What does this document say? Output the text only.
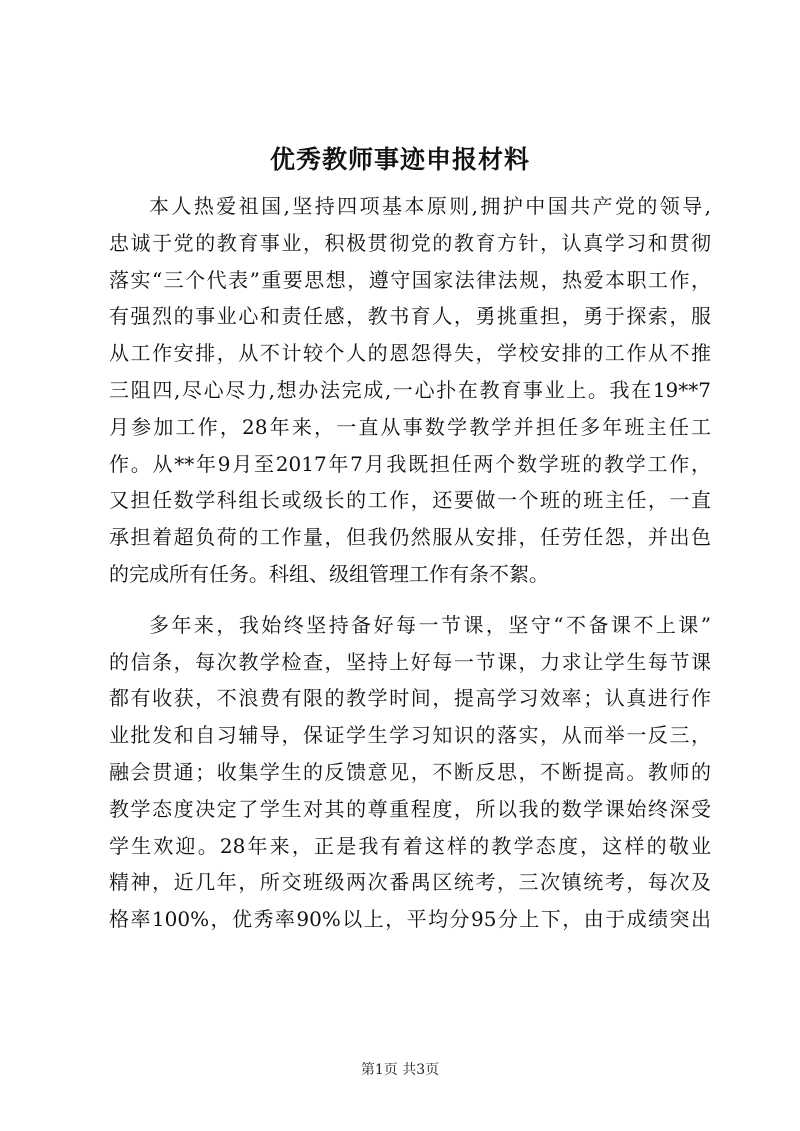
优秀教师事迹申报材料
本人热爱祖国,坚持四项基本原则,拥护中国共产党的领导,
忠诚于党的教育事业，积极贯彻党的教育方针，认真学习和贯彻
落实“三个代表”重要思想，遵守国家法律法规，热爱本职工作，
有强烈的事业心和责任感，教书育人，勇挑重担，勇于探索，服
从工作安排，从不计较个人的恩怨得失，学校安排的工作从不推
三阻四,尽心尽力,想办法完成,一心扑在教育事业上。我在19**7
月参加工作，28年来，一直从事数学教学并担任多年班主任工
作。从**年9月至2017年7月我既担任两个数学班的教学工作，
又担任数学科组长或级长的工作，还要做一个班的班主任，一直
承担着超负荷的工作量，但我仍然服从安排，任劳任怨，并出色
的完成所有任务。科组、级组管理工作有条不絮。
多年来，我始终坚持备好每一节课，坚守“不备课不上课”
的信条，每次教学检查，坚持上好每一节课，力求让学生每节课
都有收获，不浪费有限的教学时间，提高学习效率；认真进行作
业批发和自习辅导，保证学生学习知识的落实，从而举一反三，
融会贯通；收集学生的反馈意见，不断反思，不断提高。教师的
教学态度决定了学生对其的尊重程度，所以我的数学课始终深受
学生欢迎。28年来，正是我有着这样的教学态度，这样的敬业
精神，近几年，所交班级两次番禺区统考，三次镇统考，每次及
格率100%，优秀率90%以上，平均分95分上下，由于成绩突出
第1页 共3页
